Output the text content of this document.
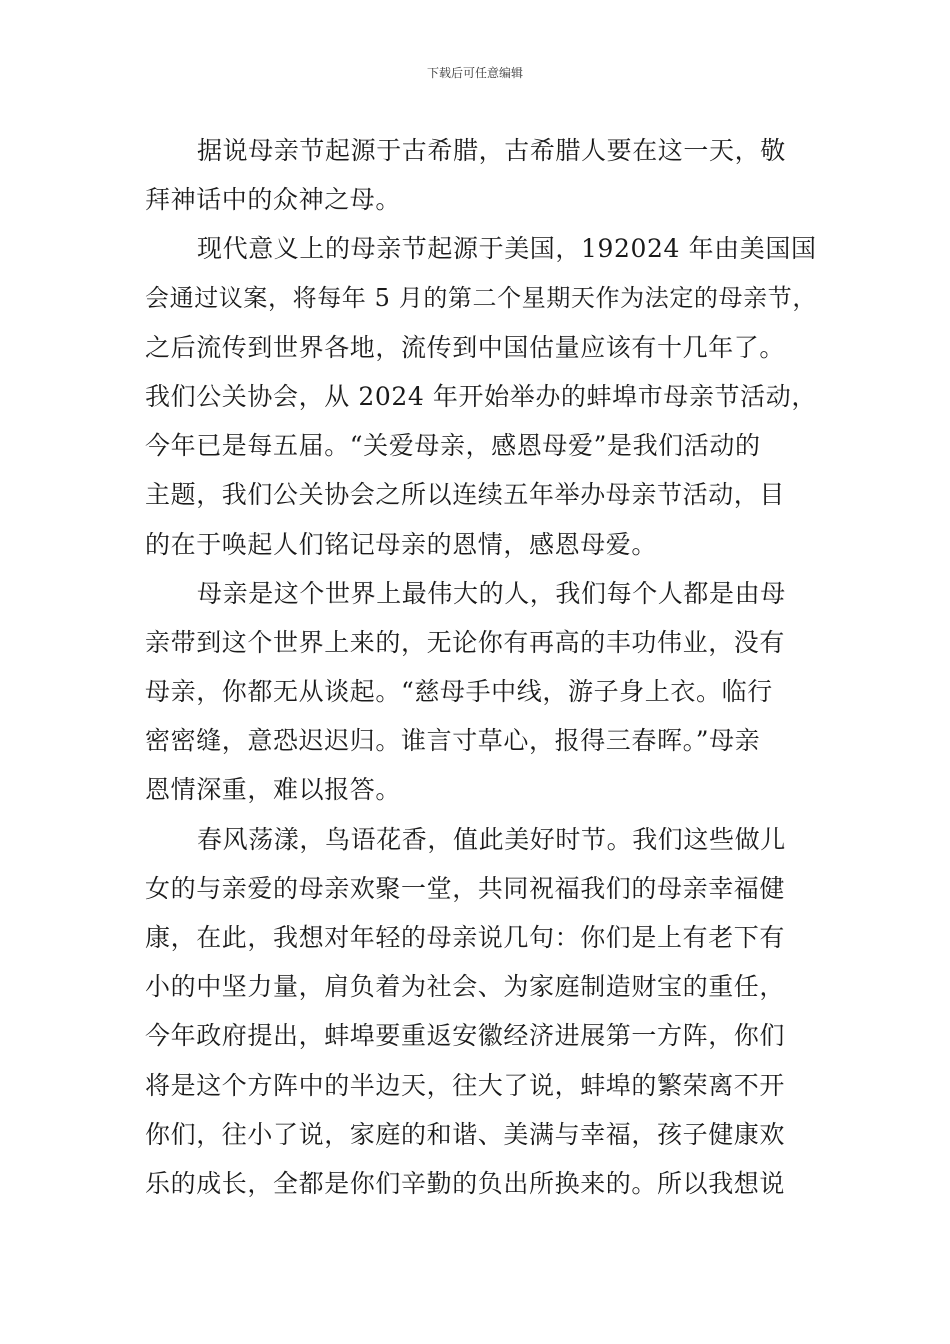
下载后可任意编辑
据说母亲节起源于古希腊，古希腊人要在这一天，敬
拜神话中的众神之母。
现代意义上的母亲节起源于美国，192024 年由美国国
会通过议案，将每年 5 月的第二个星期天作为法定的母亲节，
之后流传到世界各地，流传到中国估量应该有十几年了。
我们公关协会，从 2024 年开始举办的蚌埠市母亲节活动，
今年已是每五届。“关爱母亲，感恩母爱”是我们活动的
主题，我们公关协会之所以连续五年举办母亲节活动，目
的在于唤起人们铭记母亲的恩情，感恩母爱。
母亲是这个世界上最伟大的人，我们每个人都是由母
亲带到这个世界上来的，无论你有再高的丰功伟业，没有
母亲，你都无从谈起。“慈母手中线，游子身上衣。临行
密密缝，意恐迟迟归。谁言寸草心，报得三春晖。”母亲
恩情深重，难以报答。
春风荡漾，鸟语花香，值此美好时节。我们这些做儿
女的与亲爱的母亲欢聚一堂，共同祝福我们的母亲幸福健
康，在此，我想对年轻的母亲说几句：你们是上有老下有
小的中坚力量，肩负着为社会、为家庭制造财宝的重任，
今年政府提出，蚌埠要重返安徽经济进展第一方阵，你们
将是这个方阵中的半边天，往大了说，蚌埠的繁荣离不开
你们，往小了说，家庭的和谐、美满与幸福，孩子健康欢
乐的成长，全都是你们辛勤的负出所换来的。所以我想说
